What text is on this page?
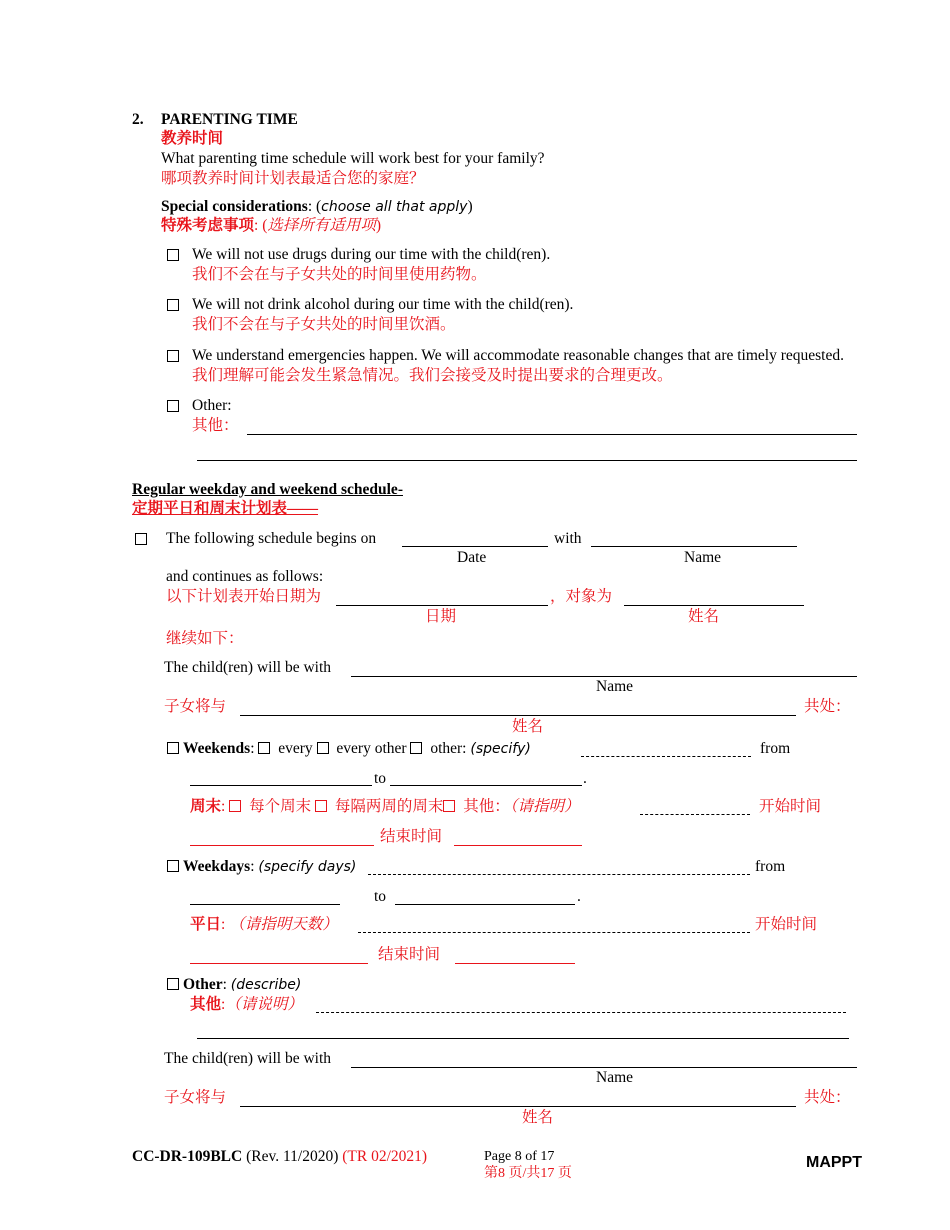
2. PARENTING TIME
教养时间
What parenting time schedule will work best for your family?
哪项教养时间计划表最适合您的家庭？
Special considerations: (choose all that apply)
特殊考虑事项: (选择所有适用项)
We will not use drugs during our time with the child(ren).
我们不会在与子女共处的时间里使用药物。
We will not drink alcohol during our time with the child(ren).
我们不会在与子女共处的时间里饮酒。
We understand emergencies happen. We will accommodate reasonable changes that are timely requested.
我们理解可能会发生紧急情况。我们会接受及时提出要求的合理更改。
Other:
其他：
Regular weekday and weekend schedule-
定期平日和周末计划表——
The following schedule begins on	with
Date	Name
and continues as follows:
以下计划表开始日期为	，对象为
日期	姓名
继续如下：
The child(ren) will be with
Name
子女将与	共处：
姓名
Weekends:  every every other other: (specify)	from
to	.
周末:  每个周末 每隔两周的周末 其他：（请指明）	开始时间
结束时间
Weekdays: (specify days)	from
to	.
平日: （请指明天数）	开始时间
结束时间
Other: (describe)
其他:（请说明）
The child(ren) will be with
Name
子女将与	共处：
姓名
CC-DR-109BLC (Rev. 11/2020) (TR 02/2021)	Page 8 of 17
第8 页/共17 页
MAPPT
